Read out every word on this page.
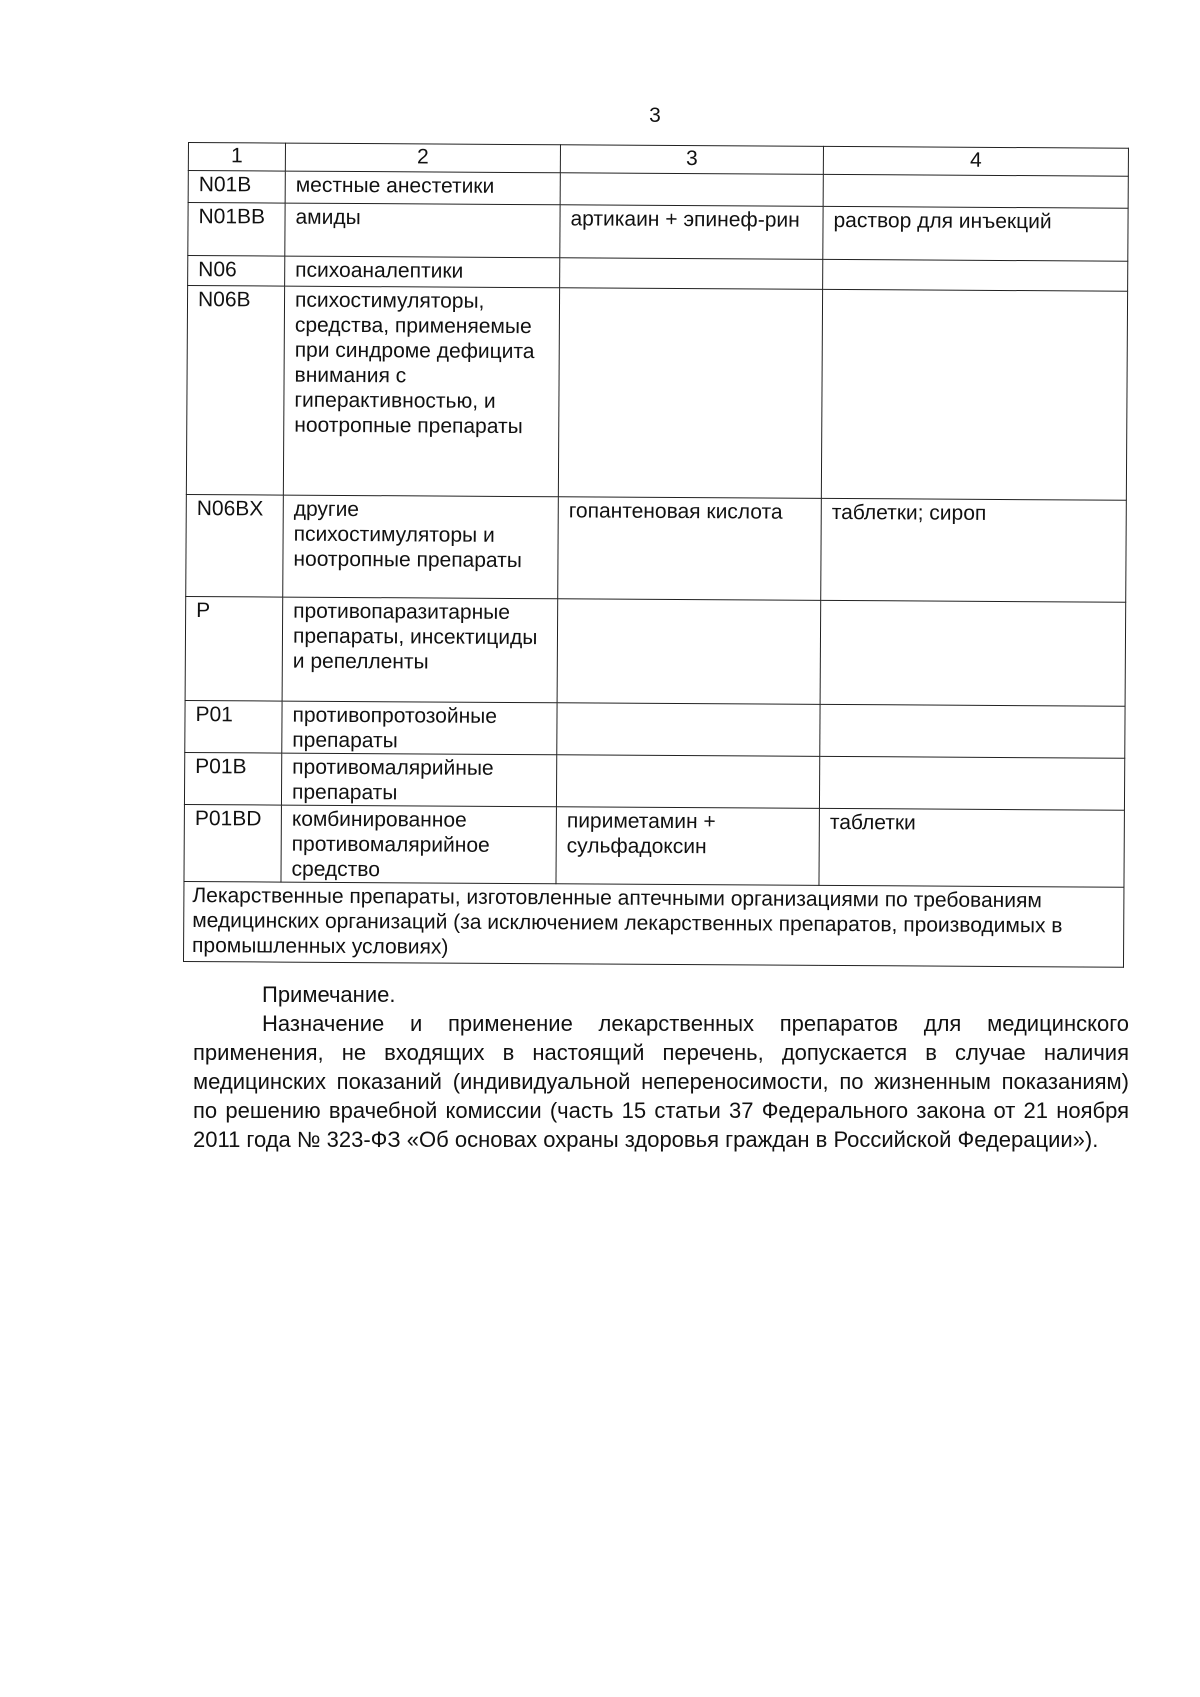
3
1	2	3	4
N01B	местные анестетики		
N01BB	амиды	артикаин + эпинеф-рин	раствор для инъекций
N06	психоаналептики		
N06B	психостимуляторы, средства, применяемые при синдроме дефицита внимания с гиперактивностью, и ноотропные препараты		
N06BX	другие психостимуляторы и ноотропные препараты	гопантеновая кислота	таблетки; сироп
P	противопаразитарные препараты, инсектициды и репелленты		
P01	противопротозойные препараты		
P01B	противомалярийные препараты		
P01BD	комбинированное противомалярийное средство	пириметамин + сульфадоксин	таблетки
Лекарственные препараты, изготовленные аптечными организациями по требованиям медицинских организаций (за исключением лекарственных препаратов, производимых в промышленных условиях)			
Примечание.
Назначение и применение лекарственных препаратов для медицинского применения, не входящих в настоящий перечень, допускается в случае наличия медицинских показаний (индивидуальной непереносимости, по жизненным показаниям) по решению врачебной комиссии (часть 15 статьи 37 Федерального закона от 21 ноября 2011 года № 323-ФЗ «Об основах охраны здоровья граждан в Российской Федерации»).
